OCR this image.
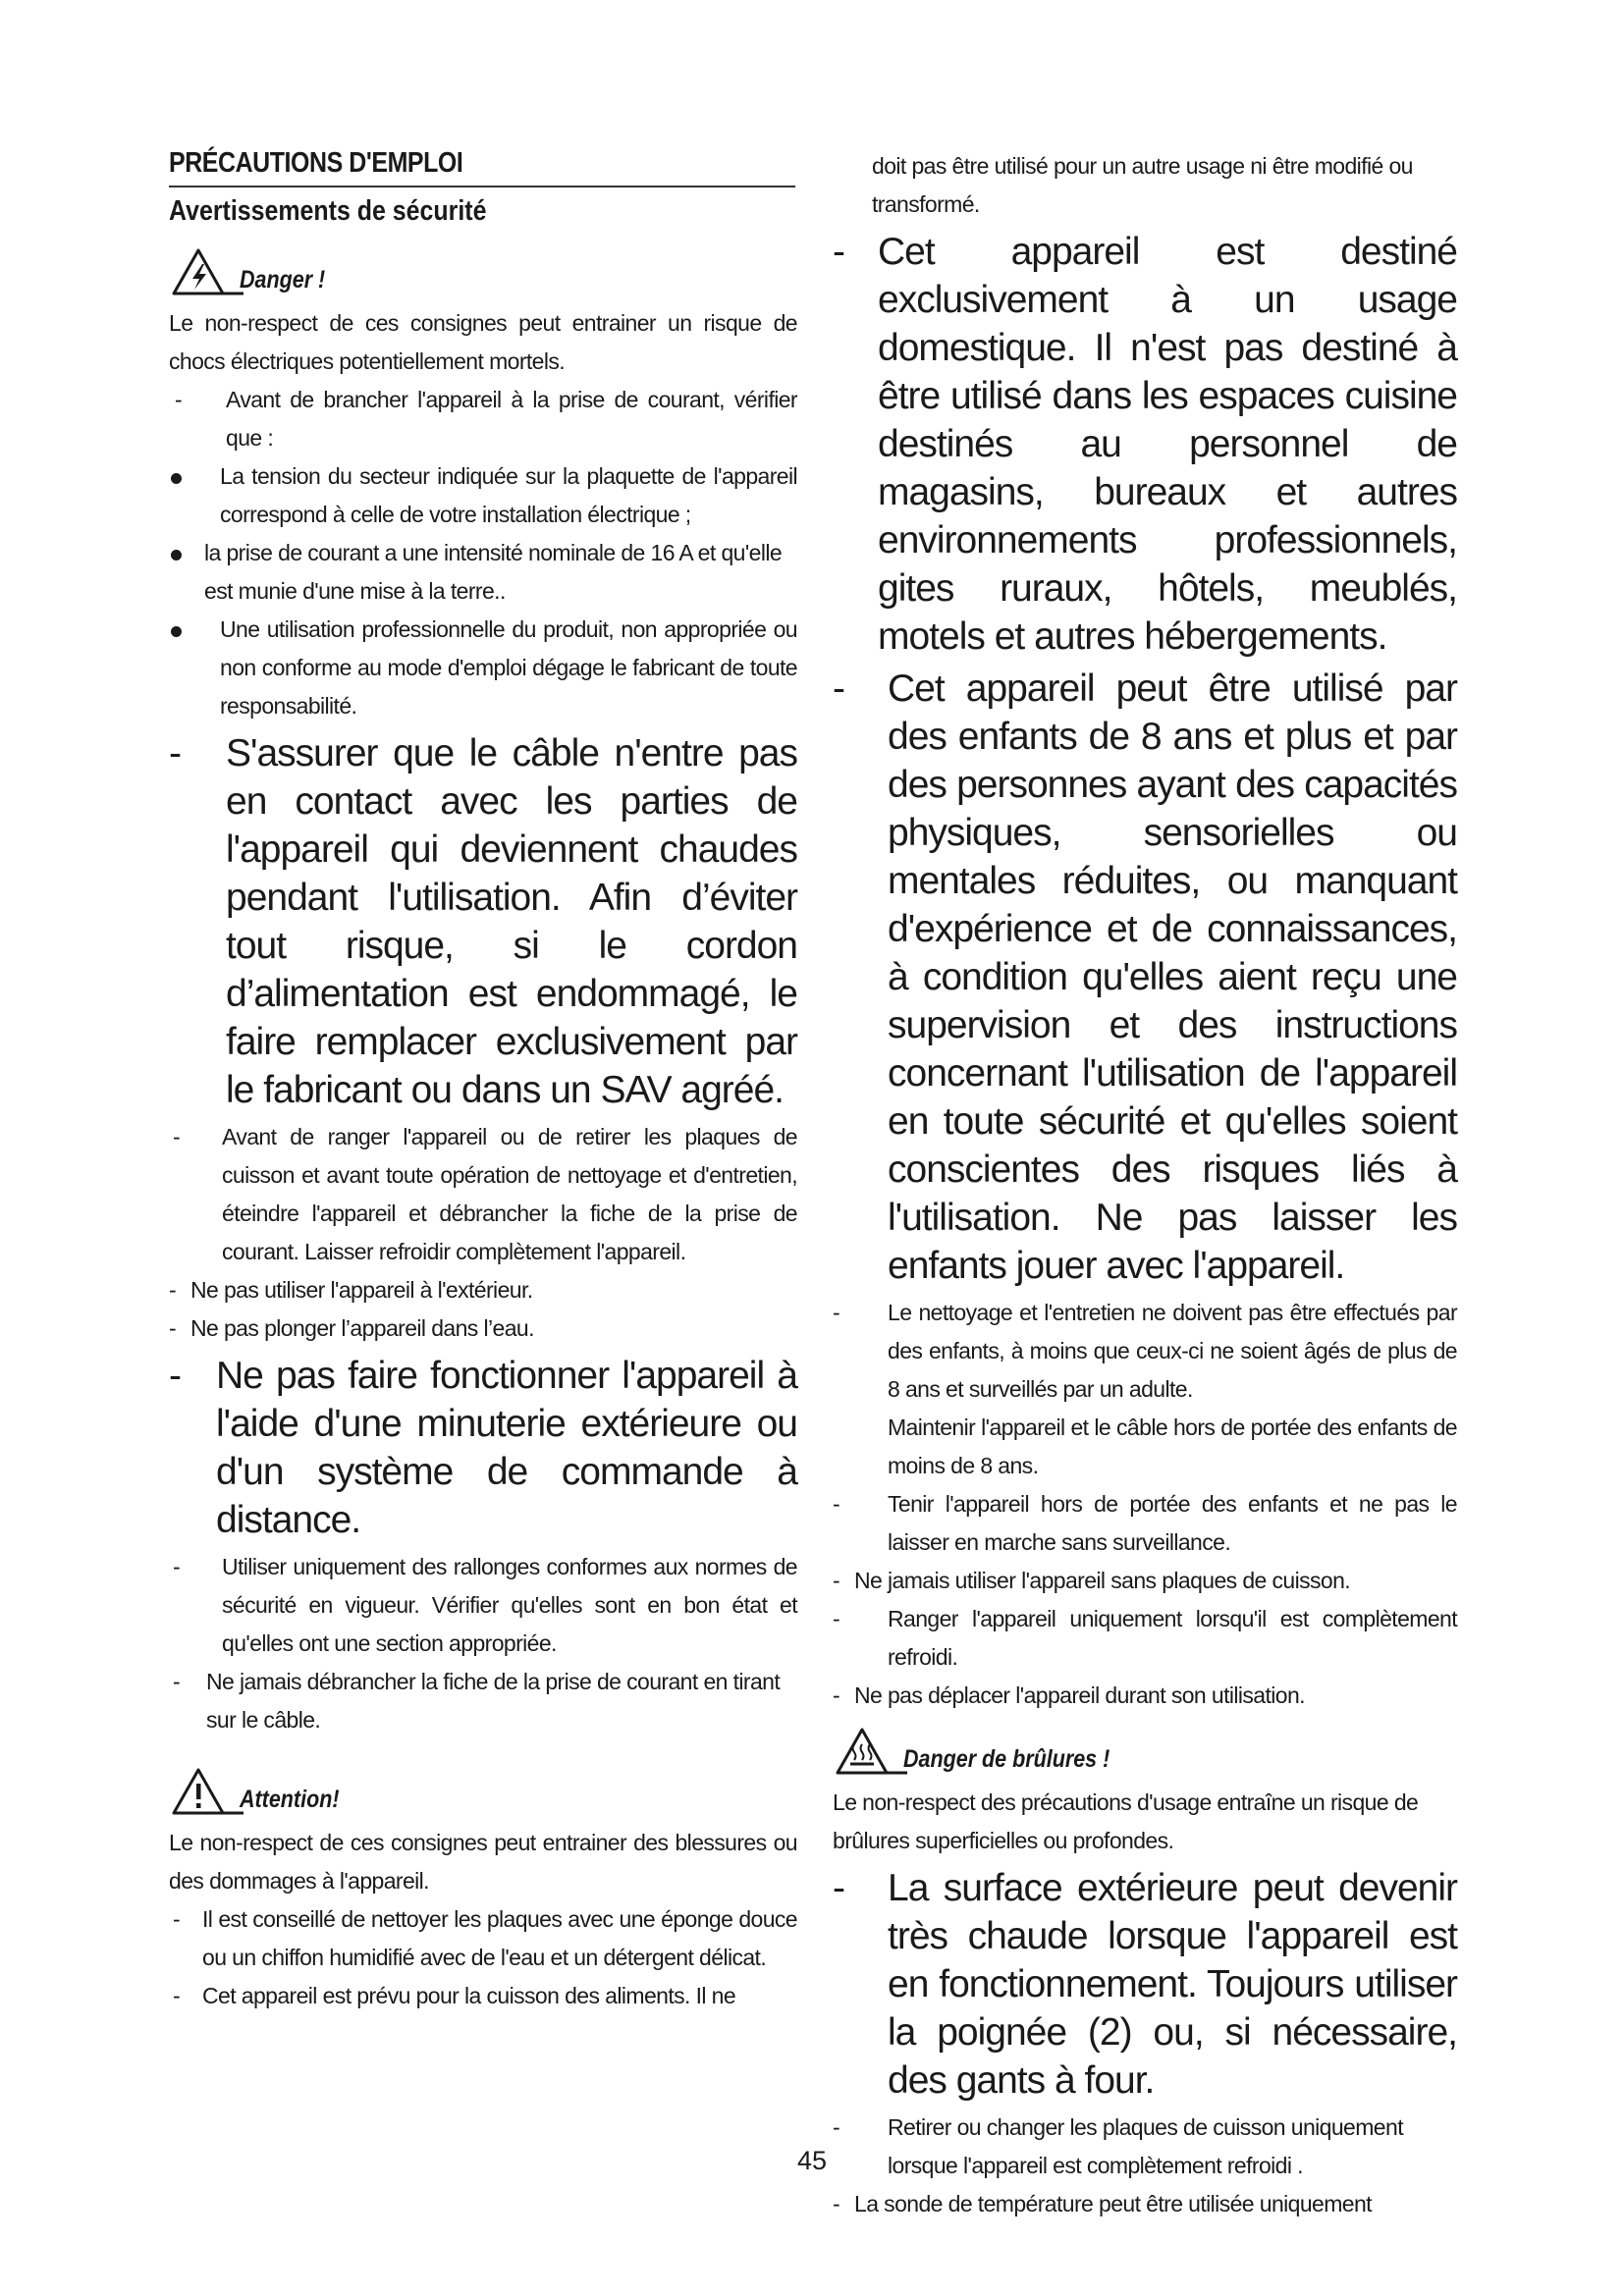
PRÉCAUTIONS D'EMPLOI
Avertissements de sécurité
Danger !
Le non-respect de ces consignes peut entrainer un risque de chocs électriques potentiellement mortels.
-	Avant de brancher l'appareil à la prise de courant, vérifier que :
La tension du secteur indiquée sur la plaquette de l'appareil correspond à celle de votre installation électrique ;
la prise de courant a une intensité nominale de 16 A et qu'elle est munie d'une mise à la terre..
Une utilisation professionnelle du produit, non appropriée ou non conforme au mode d'emploi dégage le fabricant de toute responsabilité.
-	S'assurer que le câble n'entre pas en contact avec les parties de l'appareil qui deviennent chaudes pendant l'utilisation. Afin d’éviter tout risque, si le cordon d’alimentation est endommagé, le faire remplacer exclusivement par le fabricant ou dans un SAV agréé.
-	Avant de ranger l'appareil ou de retirer les plaques de cuisson et avant toute opération de nettoyage et d'entretien, éteindre l'appareil et débrancher la fiche de la prise de courant. Laisser refroidir complètement l'appareil.
- Ne pas utiliser l'appareil à l'extérieur.
- Ne pas plonger l’appareil dans l’eau.
- Ne pas faire fonctionner l'appareil à l'aide d'une minuterie extérieure ou d'un système de commande à distance.
-	Utiliser uniquement des rallonges conformes aux normes de sécurité en vigueur. Vérifier qu'elles sont en bon état et qu'elles ont une section appropriée.
-	Ne jamais débrancher la fiche de la prise de courant en tirant sur le câble.
Attention!
Le non-respect de ces consignes peut entrainer des blessures ou des dommages à l'appareil.
- Il est conseillé de nettoyer les plaques avec une éponge douce ou un chiffon humidifié avec de l'eau et un détergent délicat.
- Cet appareil est prévu pour la cuisson des aliments. Il ne
doit pas être utilisé pour un autre usage ni être modifié ou transformé.
- Cet appareil est destiné exclusivement à un usage domestique. Il n'est pas destiné à être utilisé dans les espaces cuisine destinés au personnel de magasins, bureaux et autres environnements professionnels, gites ruraux, hôtels, meublés, motels et autres hébergements.
-	Cet appareil peut être utilisé par des enfants de 8 ans et plus et par des personnes ayant des capacités physiques, sensorielles ou mentales réduites, ou manquant d'expérience et de connaissances, à condition qu'elles aient reçu une supervision et des instructions concernant l'utilisation de l'appareil en toute sécurité et qu'elles soient conscientes des risques liés à l'utilisation. Ne pas laisser les enfants jouer avec l'appareil.
-	Le nettoyage et l'entretien ne doivent pas être effectués par des enfants, à moins que ceux-ci ne soient âgés de plus de 8 ans et surveillés par un adulte.
Maintenir l'appareil et le câble hors de portée des enfants de moins de 8 ans.
-	Tenir l'appareil hors de portée des enfants et ne pas le laisser en marche sans surveillance.
- Ne jamais utiliser l'appareil sans plaques de cuisson.
-	Ranger l'appareil uniquement lorsqu'il est complètement refroidi.
- Ne pas déplacer l'appareil durant son utilisation.
Danger de brûlures !
Le non-respect des précautions d'usage entraîne un risque de brûlures superficielles ou profondes.
-	La surface extérieure peut devenir très chaude lorsque l'appareil est en fonctionnement. Toujours utiliser la poignée (2) ou, si nécessaire, des gants à four.
-	Retirer ou changer les plaques de cuisson uniquement lorsque l'appareil est complètement refroidi .
- La sonde de température peut être utilisée uniquement
45
